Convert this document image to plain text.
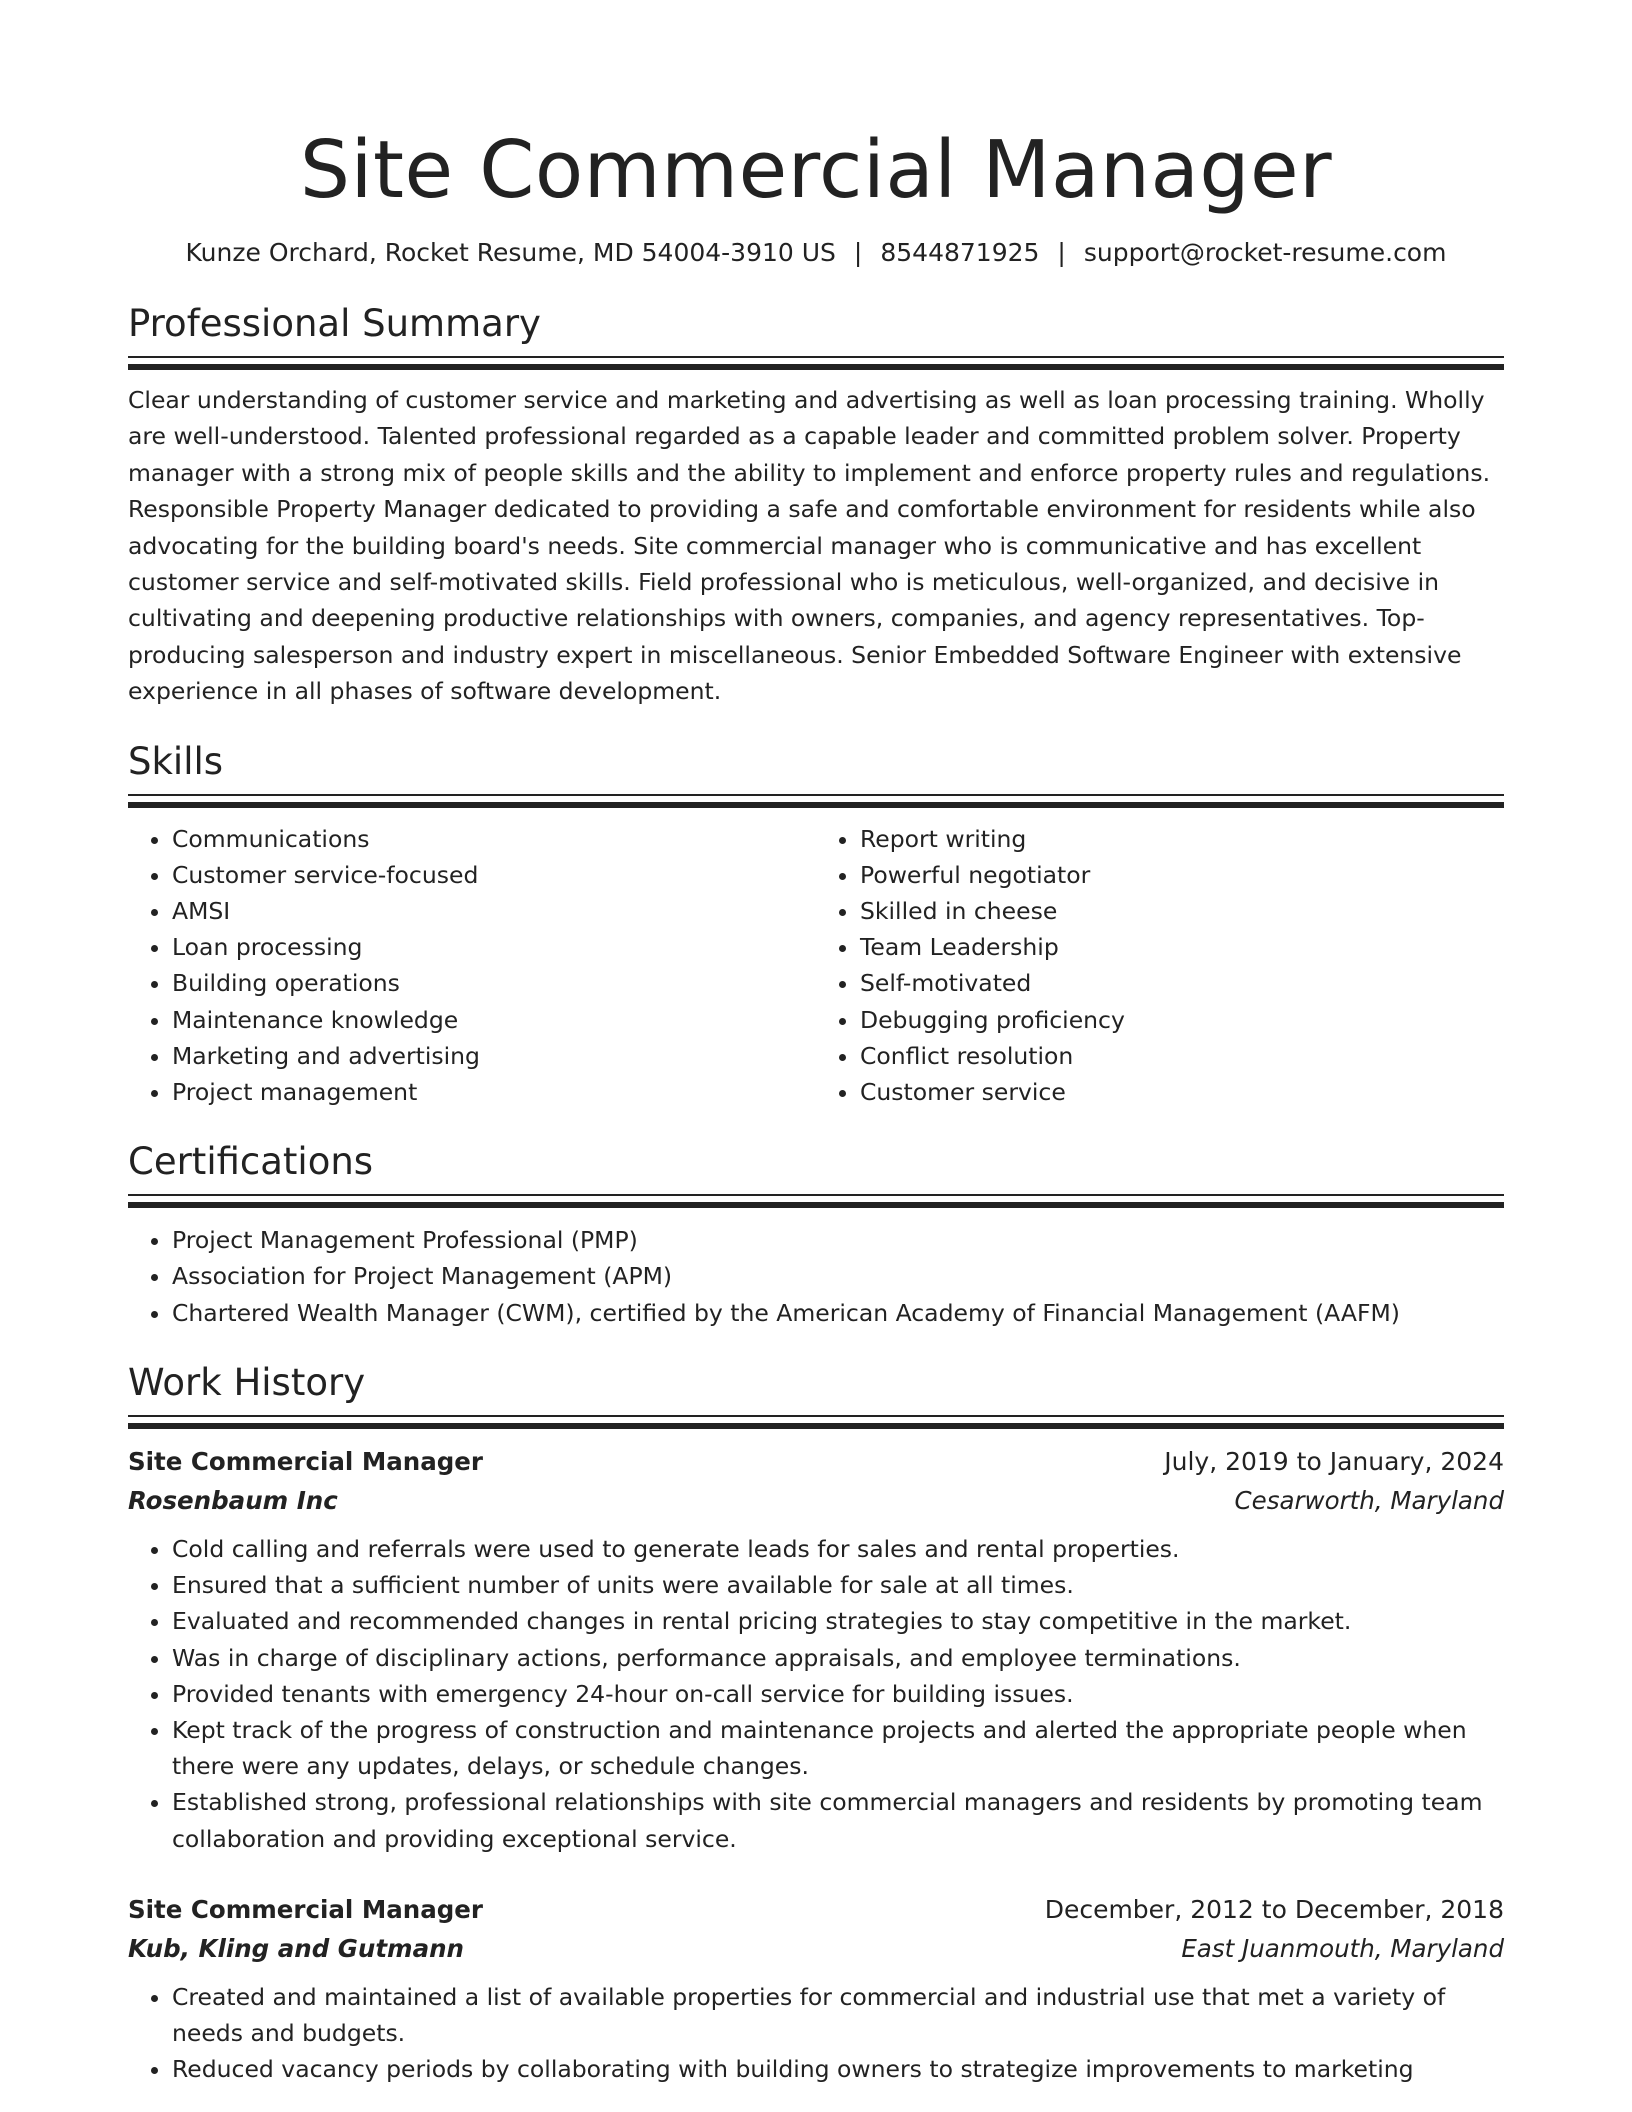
Site Commercial Manager
Kunze Orchard, Rocket Resume, MD 54004-3910 US | 8544871925 | support@rocket-resume.com
Professional Summary
Clear understanding of customer service and marketing and advertising as well as loan processing training. Wholly are well-understood. Talented professional regarded as a capable leader and committed problem solver. Property manager with a strong mix of people skills and the ability to implement and enforce property rules and regulations. Responsible Property Manager dedicated to providing a safe and comfortable environment for residents while also advocating for the building board's needs. Site commercial manager who is communicative and has excellent customer service and self-motivated skills. Field professional who is meticulous, well-organized, and decisive in cultivating and deepening productive relationships with owners, companies, and agency representatives. Top-producing salesperson and industry expert in miscellaneous. Senior Embedded Software Engineer with extensive experience in all phases of software development.
Skills
• Communications
• Customer service-focused
• AMSI
• Loan processing
• Building operations
• Maintenance knowledge
• Marketing and advertising
• Project management
• Report writing
• Powerful negotiator
• Skilled in cheese
• Team Leadership
• Self-motivated
• Debugging proficiency
• Conflict resolution
• Customer service
Certifications
• Project Management Professional (PMP)
• Association for Project Management (APM)
• Chartered Wealth Manager (CWM), certified by the American Academy of Financial Management (AAFM)
Work History
Site Commercial Manager	July, 2019 to January, 2024
Rosenbaum Inc	Cesarworth, Maryland
• Cold calling and referrals were used to generate leads for sales and rental properties.
• Ensured that a sufficient number of units were available for sale at all times.
• Evaluated and recommended changes in rental pricing strategies to stay competitive in the market.
• Was in charge of disciplinary actions, performance appraisals, and employee terminations.
• Provided tenants with emergency 24-hour on-call service for building issues.
• Kept track of the progress of construction and maintenance projects and alerted the appropriate people when there were any updates, delays, or schedule changes.
• Established strong, professional relationships with site commercial managers and residents by promoting team collaboration and providing exceptional service.
Site Commercial Manager	December, 2012 to December, 2018
Kub, Kling and Gutmann	East Juanmouth, Maryland
• Created and maintained a list of available properties for commercial and industrial use that met a variety of needs and budgets.
• Reduced vacancy periods by collaborating with building owners to strategize improvements to marketing
